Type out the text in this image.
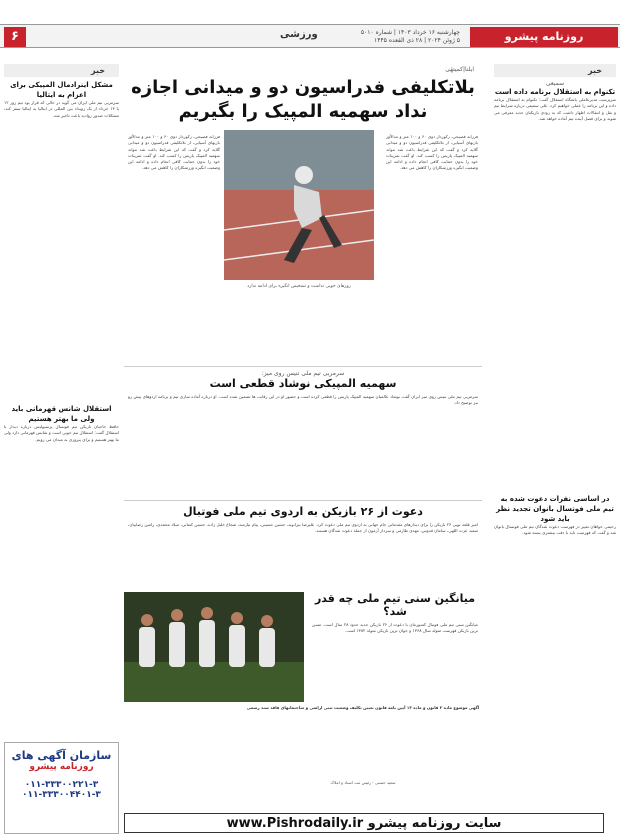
روزنامه پیشرو
چهارشنبه ۱۶ خرداد ۱۴۰۳ | شماره ۵۰۱۰
۵ ژوئن ۲۰۲۴ | ۲۸ ذی القعده ۱۴۴۵
ورزشی
۶
خبر
سمیعی
تکنوام به استقلال برنامه داده است
سرپرست مدیرعاملی باشگاه استقلال گفت: تکنوام به استقلال برنامه داده و این برنامه را عملی خواهیم کرد. علی سمیعی درباره شرایط تیم و نقل و انتقالات اظهار داشت که به زودی بازیکنان جدید معرفی می شوند و برای فصل آینده تیم آماده خواهد شد.
در اساسی نفرات دعوت شده به تیم ملی فوتسال بانوان تجدید نظر باید شود
رحیمی خواهان تغییر در فهرست دعوت شدگان تیم ملی فوتسال بانوان شد و گفت که فهرست باید با دقت بیشتری بسته شود.
خبر
مشکل اینرادمال المپیکی برای اعزام به ایتالیا
سرمربی تیم ملی ایران می گوید در حالی که قرار بود تیم روز ۱۲ یا ۱۳ خرداد از یک رویداد بین المللی در ایتالیا به ایتالیا سفر کند، مشکلات صدور روادید باعث تاخیر شد.
استقلال شانس قهرمانی باید ولی ما بهتر هستیم
حافظ حاجیان بازیکن تیم فوتسال پرسپولیس درباره دیدار با استقلال گفت: استقلال تیم خوبی است و شانس قهرمانی دارد ولی ما بهتر هستیم و برای پیروزی به میدان می رویم.
سازمان آگهی های
روزنامه پیشرو
۰۱۱-۳۳۳۰۰۲۲۱-۳
۰۱۱-۳۳۳۰۰۴۴۰۱-۳
ایلنا|کمیتهٔی
بلاتکلیفی فدراسیون دو و میدانی اجازه نداد سهمیه المپیک را بگیریم
روزهای خوبی نداشت و تشخیص انگیزه برای ادامه ندارد
فرزانه فصیحی، رکوردار دوی ۶۰ و ۱۰۰ متر و مدالآور بازیهای آسیایی، از بلاتکلیفی فدراسیون دو و میدانی گلایه کرد و گفت که این شرایط باعث شد نتواند سهمیه المپیک پاریس را کسب کند. او گفت تمرینات خود را بدون حمایت کافی انجام داده و ادامه این وضعیت انگیزه ورزشکاران را کاهش می دهد.
فرزانه فصیحی، رکوردار دوی ۶۰ و ۱۰۰ متر و مدالآور بازیهای آسیایی، از بلاتکلیفی فدراسیون دو و میدانی گلایه کرد و گفت که این شرایط باعث شد نتواند سهمیه المپیک پاریس را کسب کند. او گفت تمرینات خود را بدون حمایت کافی انجام داده و ادامه این وضعیت انگیزه ورزشکاران را کاهش می دهد.
سرمربی تیم ملی تنیس روی میز:
سهمیه المپیکی نوشاد قطعی است
سرمربی تیم ملی تنیس روی میز ایران گفت نوشاد عالمیان سهمیه المپیک پاریس را قطعی کرده است و حضور او در این رقابت ها تضمین شده است. او درباره آماده سازی تیم و برنامه اردوهای پیش رو نیز توضیح داد.
دعوت از ۲۶ بازیکن به اردوی تیم ملی فوتبال
امیر قلعه نویی ۲۶ بازیکن را برای دیدارهای مقدماتی جام جهانی به اردوی تیم ملی دعوت کرد. علیرضا بیرانوند، حسین حسینی، پیام نیازمند، شجاع خلیل زاده، حسین کنعانی، میلاد محمدی، رامین رضاییان، سعید عزت اللهی، سامان قدوس، مهدی طارمی و سردار آزمون از جمله دعوت شدگان هستند.
میانگین سنی تیم ملی چه قدر شد؟
میانگین سنی تیم ملی فوتبال کشورمان با دعوت از ۲۶ بازیکن جدید حدود ۲۸ سال است. مسن ترین بازیکن فهرست متولد سال ۱۳۶۸ و جوان ترین بازیکن متولد ۱۳۸۲ است.
آگهی موضوع ماده ۳ قانون و ماده ۱۳ آیین نامه قانون تعیین تکلیف وضعیت ثبتی اراضی و ساختمانهای فاقد سند رسمی
سعید حسنی - رئیس ثبت اسناد و املاک
www.Pishrodaily.ir سایت روزنامه پیشرو
